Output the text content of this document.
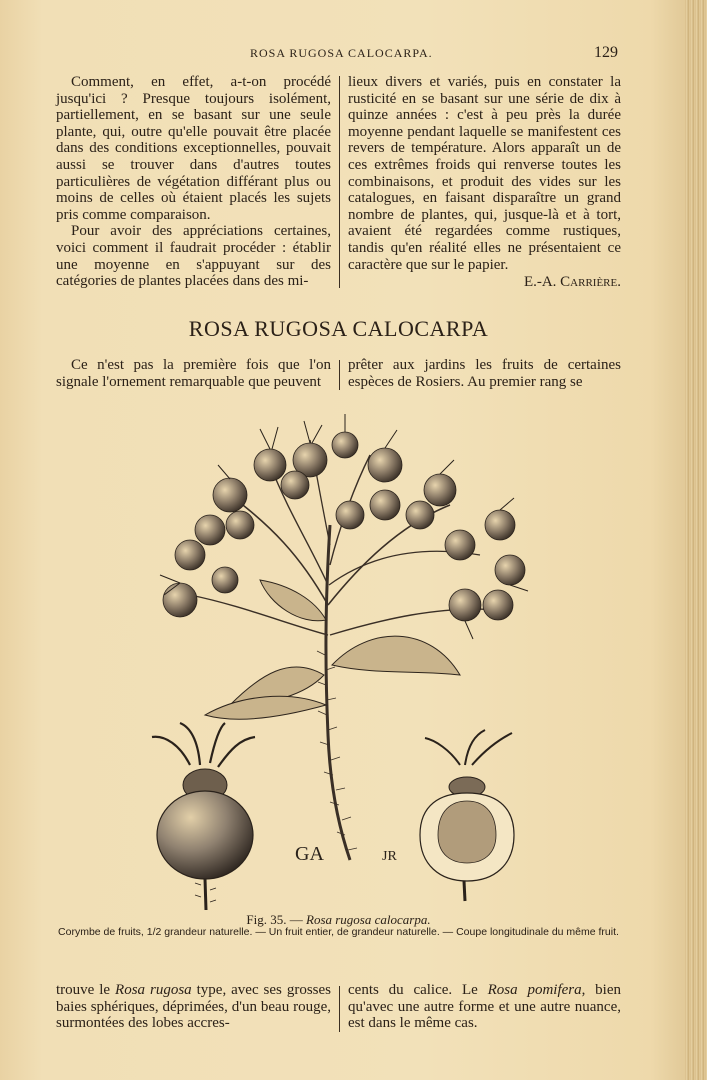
ROSA RUGOSA CALOCARPA.	129

Comment, en effet, a-t-on procédé jusqu'ici ? Presque toujours isolément, partiellement, en se basant sur une seule plante, qui, outre qu'elle pouvait être placée dans des conditions exceptionnelles, pouvait aussi se trouver dans d'autres toutes particulières de végétation différant plus ou moins de celles où étaient placés les sujets pris comme comparaison.

Pour avoir des appréciations certaines, voici comment il faudrait procéder : établir une moyenne en s'appuyant sur des catégories de plantes placées dans des mi-

lieux divers et variés, puis en constater la rusticité en se basant sur une série de dix à quinze années : c'est à peu près la durée moyenne pendant laquelle se manifestent ces revers de température. Alors apparaît un de ces extrêmes froids qui renverse toutes les combinaisons, et produit des vides sur les catalogues, en faisant disparaître un grand nombre de plantes, qui, jusque-là et à tort, avaient été regardées comme rustiques, tandis qu'en réalité elles ne présentaient ce caractère que sur le papier.
E.-A. Carrière.
ROSA RUGOSA CALOCARPA

Ce n'est pas la première fois que l'on signale l'ornement remarquable que peuvent

prêter aux jardins les fruits de certaines espèces de Rosiers. Au premier rang se
GA	JR
Fig. 35. — Rosa rugosa calocarpa.
Corymbe de fruits, 1/2 grandeur naturelle. — Un fruit entier, de grandeur naturelle. — Coupe longitudinale du même fruit.
trouve le Rosa rugosa type, avec ses grosses baies sphériques, déprimées, d'un beau rouge, surmontées des lobes accres-
cents du calice. Le Rosa pomifera, bien qu'avec une autre forme et une autre nuance, est dans le même cas.
